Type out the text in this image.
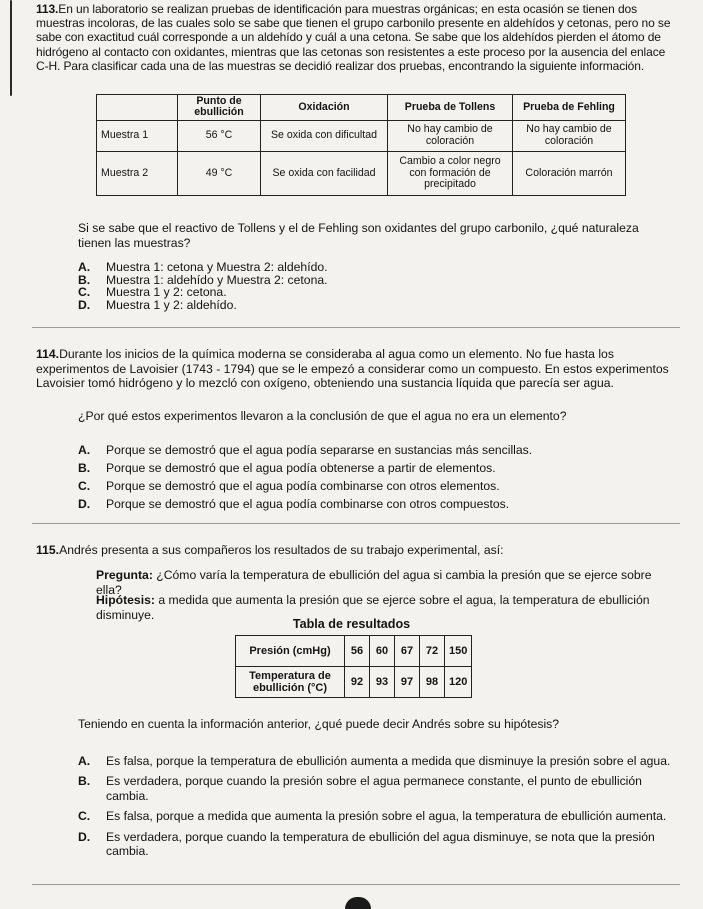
113.En un laboratorio se realizan pruebas de identificación para muestras orgánicas; en esta ocasión se tienen dos muestras incoloras, de las cuales solo se sabe que tienen el grupo carbonilo presente en aldehídos y cetonas, pero no se sabe con exactitud cuál corresponde a un aldehído y cuál a una cetona. Se sabe que los aldehídos pierden el átomo de hidrógeno al contacto con oxidantes, mientras que las cetonas son resistentes a este proceso por la ausencia del enlace C-H. Para clasificar cada una de las muestras se decidió realizar dos pruebas, encontrando la siguiente información.
	Punto de ebullición	Oxidación	Prueba de Tollens	Prueba de Fehling
Muestra 1	56 °C	Se oxida con dificultad	No hay cambio de coloración	No hay cambio de coloración
Muestra 2	49 °C	Se oxida con facilidad	Cambio a color negro con formación de precipitado	Coloración marrón
Si se sabe que el reactivo de Tollens y el de Fehling son oxidantes del grupo carbonilo, ¿qué naturaleza tienen las muestras?
A.	Muestra 1: cetona y Muestra 2: aldehído.
B.	Muestra 1: aldehído y Muestra 2: cetona.
C.	Muestra 1 y 2: cetona.
D.	Muestra 1 y 2: aldehído.
114.Durante los inicios de la química moderna se consideraba al agua como un elemento. No fue hasta los experimentos de Lavoisier (1743 - 1794) que se le empezó a considerar como un compuesto. En estos experimentos Lavoisier tomó hidrógeno y lo mezcló con oxígeno, obteniendo una sustancia líquida que parecía ser agua.
¿Por qué estos experimentos llevaron a la conclusión de que el agua no era un elemento?
A.	Porque se demostró que el agua podía separarse en sustancias más sencillas.
B.	Porque se demostró que el agua podía obtenerse a partir de elementos.
C.	Porque se demostró que el agua podía combinarse con otros elementos.
D.	Porque se demostró que el agua podía combinarse con otros compuestos.
115.Andrés presenta a sus compañeros los resultados de su trabajo experimental, así:
Pregunta: ¿Cómo varía la temperatura de ebullición del agua si cambia la presión que se ejerce sobre ella?
Hipótesis: a medida que aumenta la presión que se ejerce sobre el agua, la temperatura de ebullición disminuye.
Tabla de resultados
Presión (cmHg)	56	60	67	72	150
Temperatura de ebullición (°C)	92	93	97	98	120
Teniendo en cuenta la información anterior, ¿qué puede decir Andrés sobre su hipótesis?
A.	Es falsa, porque la temperatura de ebullición aumenta a medida que disminuye la presión sobre el agua.
B.	Es verdadera, porque cuando la presión sobre el agua permanece constante, el punto de ebullición cambia.
C.	Es falsa, porque a medida que aumenta la presión sobre el agua, la temperatura de ebullición aumenta.
D.	Es verdadera, porque cuando la temperatura de ebullición del agua disminuye, se nota que la presión cambia.
